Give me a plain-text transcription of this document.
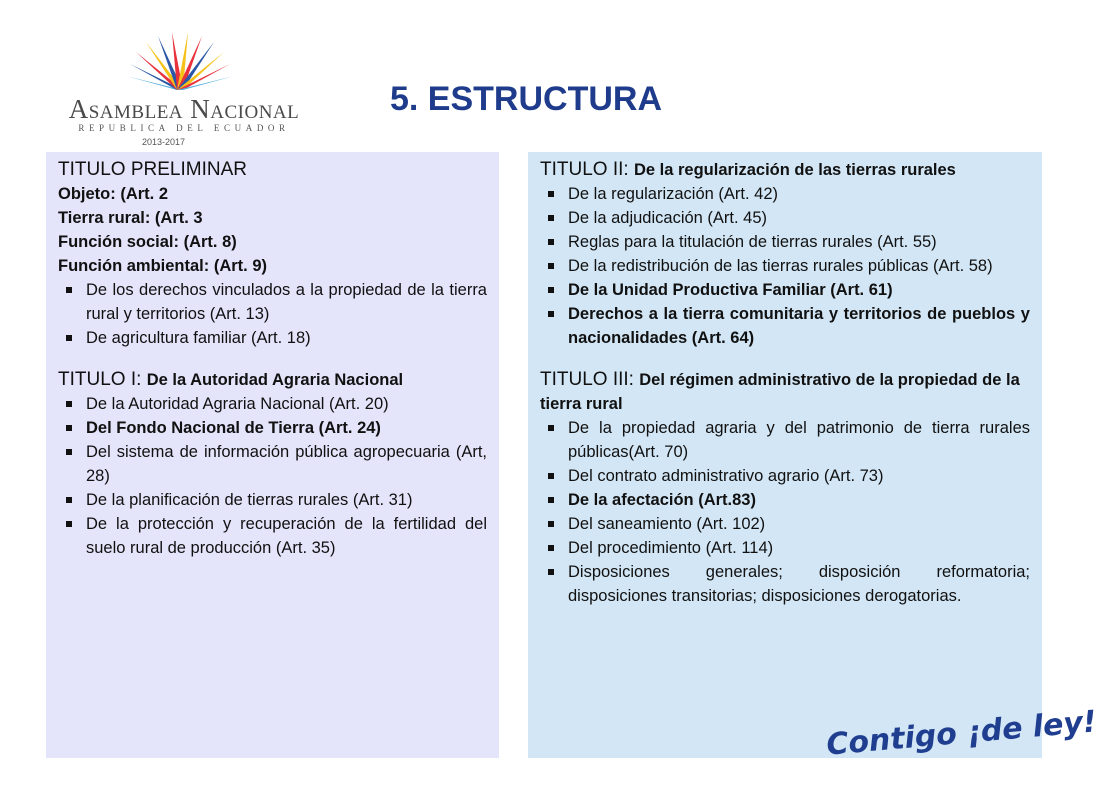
Asamblea Nacional
REPUBLICA DEL ECUADOR
2013-2017
5. ESTRUCTURA
TITULO PRELIMINAR
Objeto: (Art. 2
Tierra rural: (Art. 3
Función social: (Art. 8)
Función ambiental: (Art. 9)
De los derechos vinculados a la propiedad de la tierra rural y territorios (Art. 13)
De agricultura familiar (Art. 18)
TITULO I: De la Autoridad Agraria Nacional
De la Autoridad Agraria Nacional (Art. 20)
Del Fondo Nacional de Tierra (Art. 24)
Del sistema de información pública agropecuaria (Art, 28)
De la planificación de tierras rurales (Art. 31)
De la protección y recuperación de la fertilidad del suelo rural de producción (Art. 35)
TITULO II: De la regularización de las tierras rurales
De la regularización (Art. 42)
De la adjudicación (Art. 45)
Reglas para la titulación de tierras rurales (Art. 55)
De la redistribución de las tierras rurales públicas (Art. 58)
De la Unidad Productiva Familiar (Art. 61)
Derechos a la tierra comunitaria y territorios de pueblos y nacionalidades (Art. 64)
TITULO III: Del régimen administrativo de la propiedad de la tierra rural
De la propiedad agraria y del patrimonio de tierra rurales públicas(Art. 70)
Del contrato administrativo agrario (Art. 73)
De la afectación (Art.83)
Del saneamiento (Art. 102)
Del procedimiento (Art. 114)
Disposiciones generales; disposición reformatoria; disposiciones transitorias; disposiciones derogatorias.
Contigo ¡de ley!
